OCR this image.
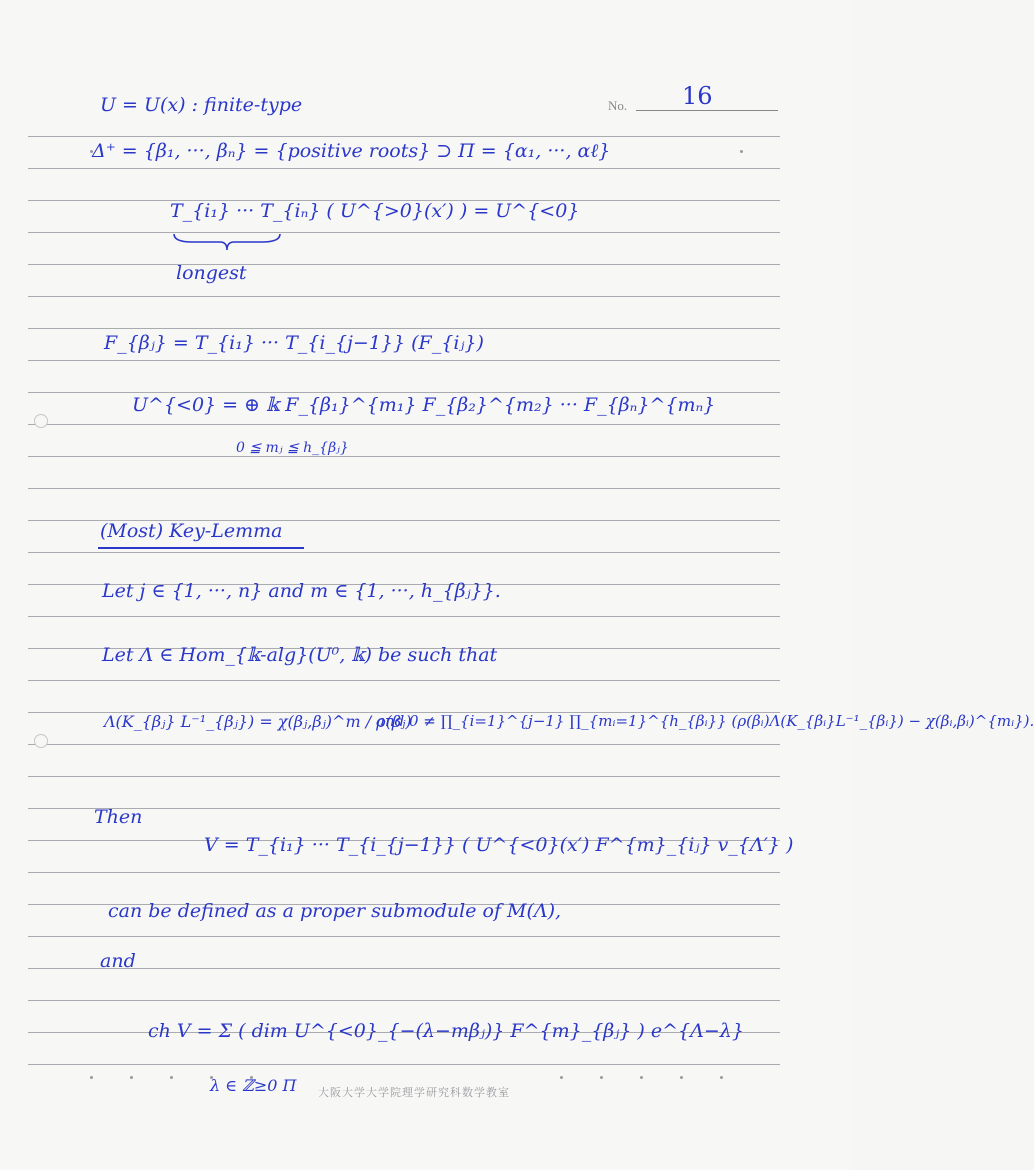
No. 16
U = U(x) : finite-type
Δ⁺ = {β₁, ···, βₙ} = {positive roots} ⊃ Π = {α₁, ···, αℓ}
T_{i₁} ··· T_{iₙ} ( U^{>0}(x′) ) = U^{<0}
longest
F_{βⱼ} = T_{i₁} ··· T_{i_{j−1}} (F_{iⱼ})
U^{<0} = ⊕ 𝕜 F_{β₁}^{m₁} F_{β₂}^{m₂} ··· F_{βₙ}^{mₙ}
0 ≦ mⱼ ≦ h_{βⱼ}
(Most) Key-Lemma
Let j ∈ {1, ···, n} and m ∈ {1, ···, h_{βⱼ}}.
Let Λ ∈ Hom_{𝕜-alg}(U⁰, 𝕜) be such that
Λ(K_{βⱼ} L⁻¹_{βⱼ}) = χ(βⱼ,βⱼ)^m / ρ(βⱼ)
and 0 ≠ ∏_{i=1}^{j−1} ∏_{mᵢ=1}^{h_{βᵢ}} (ρ(βᵢ)Λ(K_{βᵢ}L⁻¹_{βᵢ}) − χ(βᵢ,βᵢ)^{mᵢ}).
Then
V = T_{i₁} ··· T_{i_{j−1}} ( U^{<0}(x′) F^{m}_{iⱼ} v_{Λ′} )
can be defined as a proper submodule of M(Λ),
and
ch V = Σ ( dim U^{<0}_{−(λ−mβⱼ)} F^{m}_{βⱼ} ) e^{Λ−λ}
λ ∈ ℤ≥0 Π 大阪大学大学院理学研究科数学教室
